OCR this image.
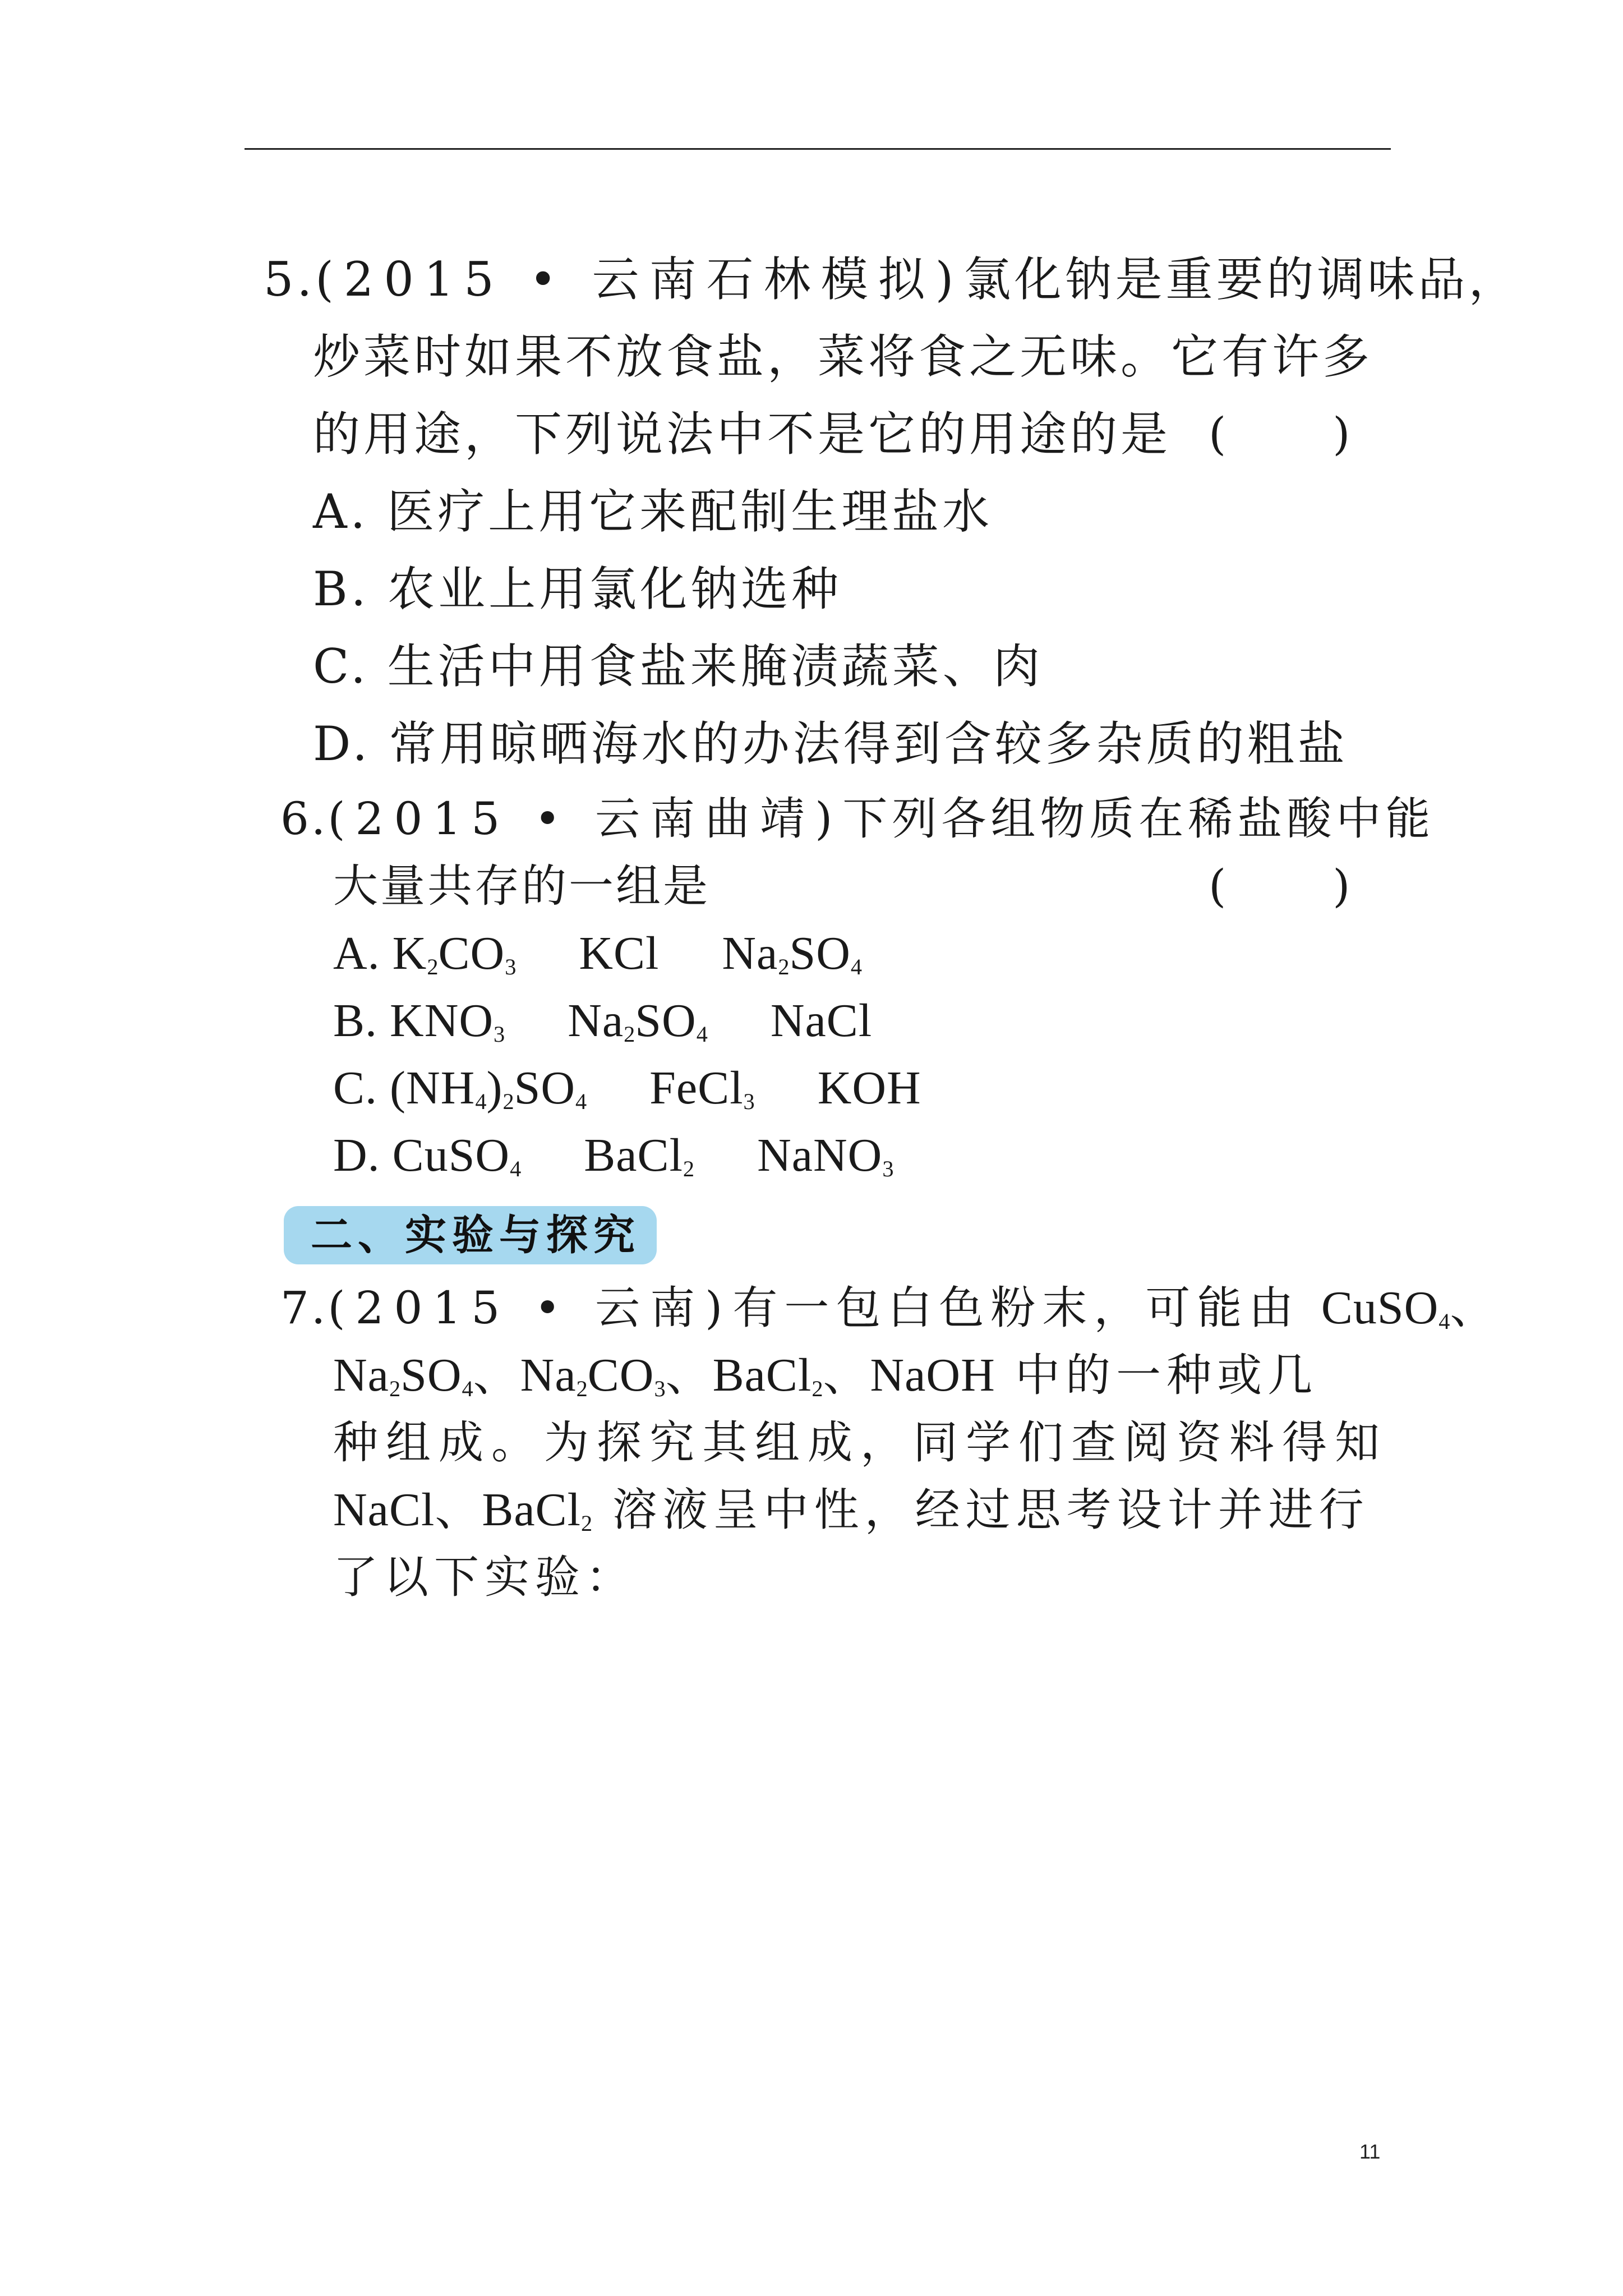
5.(2015 • 云南石林模拟)氯化钠是重要的调味品，
炒菜时如果不放食盐，菜将食之无味。它有许多
的用途，下列说法中不是它的用途的是 (　　)
A. 医疗上用它来配制生理盐水
B. 农业上用氯化钠选种
C. 生活中用食盐来腌渍蔬菜、肉
D. 常用晾晒海水的办法得到含较多杂质的粗盐
6.(2015 • 云南曲靖)下列各组物质在稀盐酸中能
大量共存的一组是	(　　)
A. $K_2CO_3$ KCl $Na_2SO_4$
B. $KNO_3$ $Na_2SO_4$ NaCl
C. $(NH_4)_2SO_4$ FeCl$_3$ KOH
D. CuSO$_4$ BaCl$_2$ NaNO$_3$
二、实验与探究
7.(2015 • 云南)有一包白色粉末，可能由 CuSO$_4$、
$Na_2SO_4$、$Na_2CO_3$、BaCl$_2$、NaOH 中的一种或几
种组成。为探究其组成，同学们查阅资料得知
NaCl、BaCl$_2$ 溶液呈中性，经过思考设计并进行
了以下实验：
11
